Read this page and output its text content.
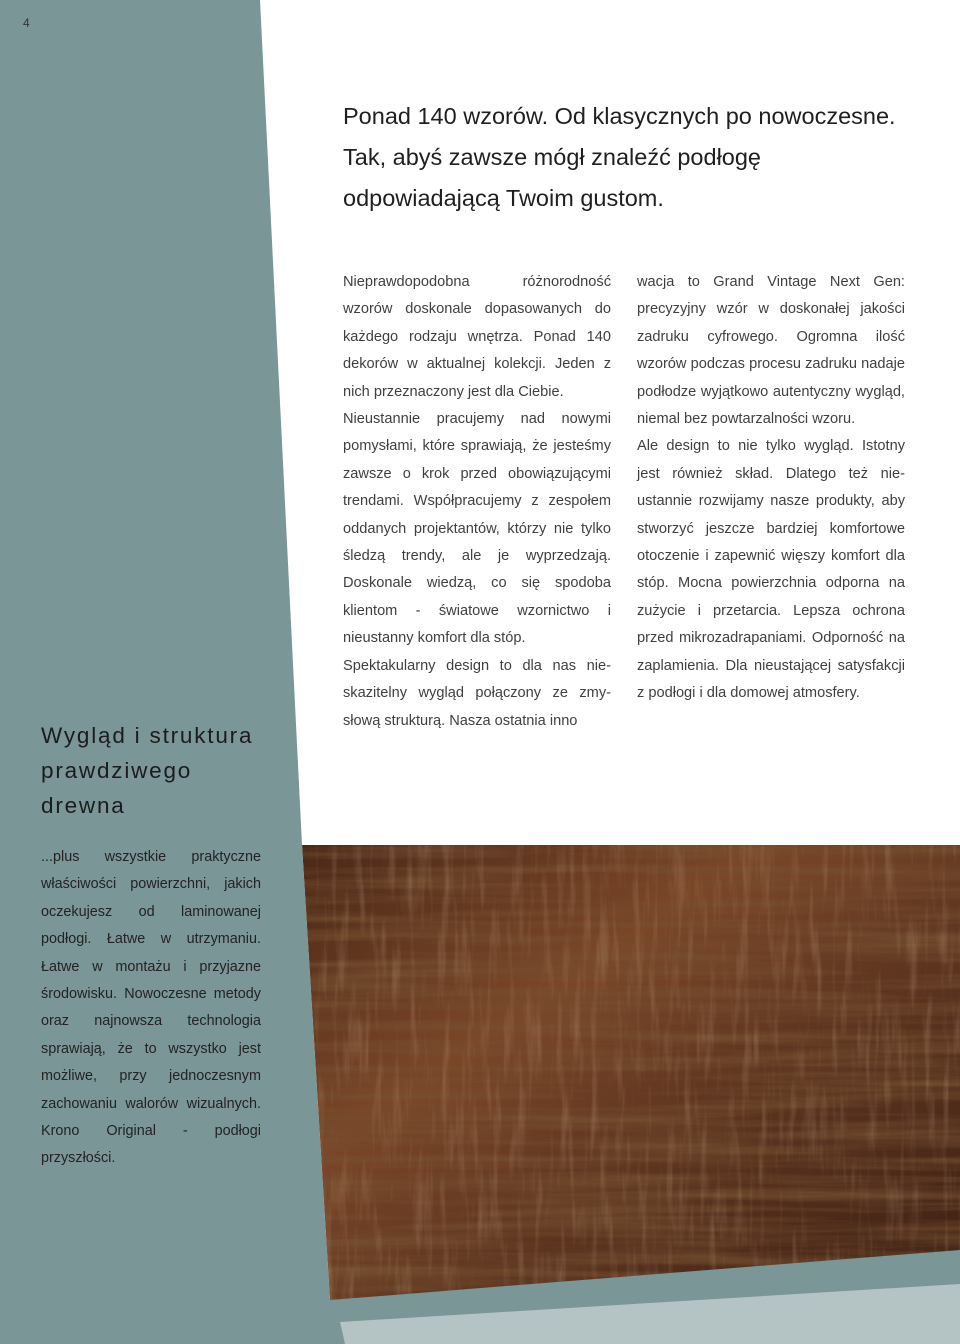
4
Ponad 140 wzorów. Od klasycznych po nowoczesne. Tak, abyś zawsze mógł znaleźć podłogę odpowiadającą Twoim gustom.

Nieprawdopodobna różnorodność wzorów doskonale dopasowanych do każdego rodzaju wnętrza. Ponad 140 dekorów w aktualnej kolekcji. Jeden z nich przeznaczony jest dla Ciebie.

Nieustannie pracujemy nad nowymi pomysłami, które sprawiają, że jesteśmy zawsze o krok przed obowiązującymi trendami. Współpracujemy z zespołem oddanych projektantów, którzy nie tylko śledzą trendy, ale je wyprzedzają. Doskonale wiedzą, co się spodoba klientom - światowe wzornictwo i nieustanny komfort dla stóp.

Spektakularny design to dla nas nieskazitelny wygląd połączony ze zmysłową strukturą. Nasza ostatnia inno

wacja to Grand Vintage Next Gen: precyzyjny wzór w doskonałej jakości zadruku cyfrowego. Ogromna ilość wzorów podczas procesu zadruku nadaje podłodze wyjątkowo autentyczny wygląd, niemal bez powtarzalności wzoru.

Ale design to nie tylko wygląd. Istotny jest również skład. Dlatego też nieustannie rozwijamy nasze produkty, aby stworzyć jeszcze bardziej komfortowe otoczenie i zapewnić więszy komfort dla stóp. Mocna powierzchnia odporna na zużycie i przetarcia. Lepsza ochrona przed mikrozadrapaniami. Odporność na zaplamienia. Dla nieustającej satysfakcji z podłogi i dla domowej atmosfery.

Wygląd i struktura prawdziwego drewna

...plus wszystkie praktyczne właściwości powierzchni, jakich oczekujesz od laminowanej podłogi. Łatwe w utrzymaniu. Łatwe w montażu i przyjazne środowisku. Nowoczesne metody oraz najnowsza technologia sprawiają, że to wszystko jest możliwe, przy jednoczesnym zachowaniu walorów wizualnych. Krono Original - podłogi przyszłości.
